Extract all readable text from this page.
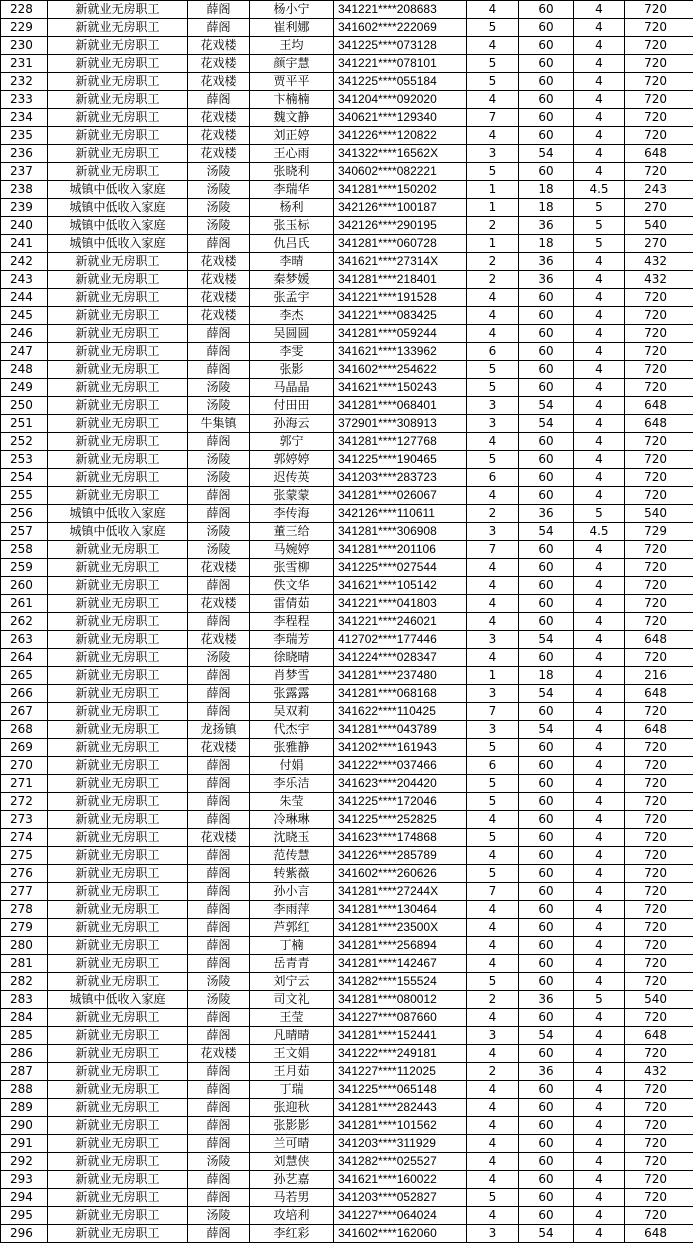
228	新就业无房职工	薛阁	杨小宁	341221****208683	4	60	4	720
229	新就业无房职工	薛阁	崔利娜	341602****222069	5	60	4	720
230	新就业无房职工	花戏楼	王均	341225****073128	4	60	4	720
231	新就业无房职工	花戏楼	颜宇慧	341221****078101	5	60	4	720
232	新就业无房职工	花戏楼	贾平平	341225****055184	5	60	4	720
233	新就业无房职工	薛阁	卞楠楠	341204****092020	4	60	4	720
234	新就业无房职工	花戏楼	魏文静	340621****129340	7	60	4	720
235	新就业无房职工	花戏楼	刘正婷	341226****120822	4	60	4	720
236	新就业无房职工	花戏楼	王心雨	341322****16562X	3	54	4	648
237	新就业无房职工	汤陵	张晓利	340602****082221	5	60	4	720
238	城镇中低收入家庭	汤陵	李瑞华	341281****150202	1	18	4.5	243
239	城镇中低收入家庭	汤陵	杨利	342126****100187	1	18	5	270
240	城镇中低收入家庭	汤陵	张玉标	342126****290195	2	36	5	540
241	城镇中低收入家庭	薛阁	仇吕氏	341281****060728	1	18	5	270
242	新就业无房职工	花戏楼	李晴	341621****27314X	2	36	4	432
243	新就业无房职工	花戏楼	秦梦媛	341281****218401	2	36	4	432
244	新就业无房职工	花戏楼	张孟宇	341221****191528	4	60	4	720
245	新就业无房职工	花戏楼	李杰	341221****083425	4	60	4	720
246	新就业无房职工	薛阁	吴圆圆	341281****059244	4	60	4	720
247	新就业无房职工	薛阁	李雯	341621****133962	6	60	4	720
248	新就业无房职工	薛阁	张影	341602****254622	5	60	4	720
249	新就业无房职工	汤陵	马晶晶	341621****150243	5	60	4	720
250	新就业无房职工	汤陵	付田田	341281****068401	3	54	4	648
251	新就业无房职工	牛集镇	孙海云	372901****308913	3	54	4	648
252	新就业无房职工	薛阁	郭宁	341281****127768	4	60	4	720
253	新就业无房职工	汤陵	郭婷婷	341225****190465	5	60	4	720
254	新就业无房职工	汤陵	迟传英	341203****283723	6	60	4	720
255	新就业无房职工	薛阁	张蒙蒙	341281****026067	4	60	4	720
256	城镇中低收入家庭	薛阁	李传海	342126****110611	2	36	5	540
257	城镇中低收入家庭	汤陵	董三给	341281****306908	3	54	4.5	729
258	新就业无房职工	汤陵	马婉婷	341281****201106	7	60	4	720
259	新就业无房职工	花戏楼	张雪柳	341225****027544	4	60	4	720
260	新就业无房职工	薛阁	佚文华	341621****105142	4	60	4	720
261	新就业无房职工	花戏楼	雷倩茹	341221****041803	4	60	4	720
262	新就业无房职工	薛阁	李程程	341221****246021	4	60	4	720
263	新就业无房职工	花戏楼	李瑞芳	412702****177446	3	54	4	648
264	新就业无房职工	汤陵	徐晓晴	341224****028347	4	60	4	720
265	新就业无房职工	薛阁	肖梦雪	341281****237480	1	18	4	216
266	新就业无房职工	薛阁	张露露	341281****068168	3	54	4	648
267	新就业无房职工	薛阁	吴双莉	341622****110425	7	60	4	720
268	新就业无房职工	龙扬镇	代杰宇	341281****043789	3	54	4	648
269	新就业无房职工	花戏楼	张雅静	341202****161943	5	60	4	720
270	新就业无房职工	薛阁	付娟	341222****037466	6	60	4	720
271	新就业无房职工	薛阁	李乐洁	341623****204420	5	60	4	720
272	新就业无房职工	薛阁	朱莹	341225****172046	5	60	4	720
273	新就业无房职工	薛阁	冷琳琳	341225****252825	4	60	4	720
274	新就业无房职工	花戏楼	沈晓玉	341623****174868	5	60	4	720
275	新就业无房职工	薛阁	范传慧	341226****285789	4	60	4	720
276	新就业无房职工	薛阁	转紫薇	341602****260626	5	60	4	720
277	新就业无房职工	薛阁	孙小言	341281****27244X	7	60	4	720
278	新就业无房职工	薛阁	李雨萍	341281****130464	4	60	4	720
279	新就业无房职工	薛阁	芦郭红	341281****23500X	4	60	4	720
280	新就业无房职工	薛阁	丁楠	341281****256894	4	60	4	720
281	新就业无房职工	薛阁	岳青青	341281****142467	4	60	4	720
282	新就业无房职工	汤陵	刘宁云	341282****155524	5	60	4	720
283	城镇中低收入家庭	汤陵	司文礼	341281****080012	2	36	5	540
284	新就业无房职工	薛阁	王莹	341227****087660	4	60	4	720
285	新就业无房职工	薛阁	凡晴晴	341281****152441	3	54	4	648
286	新就业无房职工	花戏楼	王文娟	341222****249181	4	60	4	720
287	新就业无房职工	薛阁	王月茹	341227****112025	2	36	4	432
288	新就业无房职工	薛阁	丁瑞	341225****065148	4	60	4	720
289	新就业无房职工	薛阁	张迎秋	341281****282443	4	60	4	720
290	新就业无房职工	薛阁	张影影	341281****101562	4	60	4	720
291	新就业无房职工	薛阁	兰可晴	341203****311929	4	60	4	720
292	新就业无房职工	汤陵	刘慧侠	341282****025527	4	60	4	720
293	新就业无房职工	薛阁	孙艺嘉	341621****160022	4	60	4	720
294	新就业无房职工	薛阁	马若男	341203****052827	5	60	4	720
295	新就业无房职工	汤陵	攻培利	341227****064024	4	60	4	720
296	新就业无房职工	薛阁	李红彩	341602****162060	3	54	4	648
